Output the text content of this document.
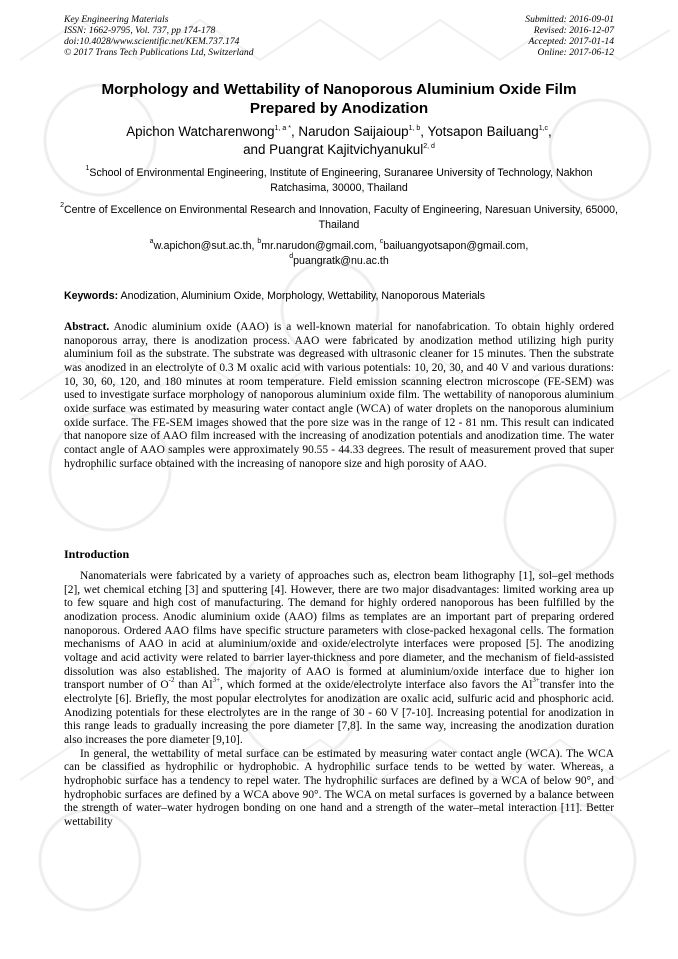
Key Engineering Materials
ISSN: 1662-9795, Vol. 737, pp 174-178
doi:10.4028/www.scientific.net/KEM.737.174
© 2017 Trans Tech Publications Ltd, Switzerland
Submitted: 2016-09-01
Revised: 2016-12-07
Accepted: 2017-01-14
Online: 2017-06-12
Morphology and Wettability of Nanoporous Aluminium Oxide Film Prepared by Anodization
Apichon Watcharenwong$^{1, a *}$, Narudon Saijaioup$^{1, b}$, Yotsapon Bailuang$^{1,c}$,
and Puangrat Kajitvichyanukul$^{2, d}$
$^1$School of Environmental Engineering, Institute of Engineering, Suranaree University of Technology, Nakhon Ratchasima, 30000, Thailand
$^2$Centre of Excellence on Environmental Research and Innovation, Faculty of Engineering, Naresuan University, 65000, Thailand
$^a$w.apichon@sut.ac.th, $^b$mr.narudon@gmail.com, $^c$bailuangyotsapon@gmail.com,
$^d$puangratk@nu.ac.th
Keywords: Anodization, Aluminium Oxide, Morphology, Wettability, Nanoporous Materials
Abstract. Anodic aluminium oxide (AAO) is a well-known material for nanofabrication. To obtain highly ordered nanoporous array, there is anodization process. AAO were fabricated by anodization method utilizing high purity aluminium foil as the substrate. The substrate was degreased with ultrasonic cleaner for 15 minutes. Then the substrate was anodized in an electrolyte of 0.3 M oxalic acid with various potentials: 10, 20, 30, and 40 V and various durations: 10, 30, 60, 120, and 180 minutes at room temperature. Field emission scanning electron microscope (FE-SEM) was used to investigate surface morphology of nanoporous aluminium oxide film. The wettability of nanoporous aluminium oxide surface was estimated by measuring water contact angle (WCA) of water droplets on the nanoporous aluminium oxide surface. The FE-SEM images showed that the pore size was in the range of 12 - 81 nm. This result can indicated that nanopore size of AAO film increased with the increasing of anodization potentials and anodization time. The water contact angle of AAO samples were approximately 90.55 - 44.33 degrees. The result of measurement proved that super hydrophilic surface obtained with the increasing of nanopore size and high porosity of AAO.
Introduction

Nanomaterials were fabricated by a variety of approaches such as, electron beam lithography [1], sol–gel methods [2], wet chemical etching [3] and sputtering [4]. However, there are two major disadvantages: limited working area up to few square and high cost of manufacturing. The demand for highly ordered nanoporous has been fulfilled by the anodization process. Anodic aluminium oxide (AAO) films as templates are an important part of preparing ordered nanoporous. Ordered AAO films have specific structure parameters with close-packed hexagonal cells. The formation mechanisms of AAO in acid at aluminium/oxide and oxide/electrolyte interfaces were proposed [5]. The anodizing voltage and acid activity were related to barrier layer-thickness and pore diameter, and the mechanism of field-assisted dissolution was also established. The majority of AAO is formed at aluminium/oxide interface due to higher ion transport number of $O^{-2}$ than $Al^{3+}$, which formed at the oxide/electrolyte interface also favors the $Al^{3+}transfer$ into the electrolyte [6]. Briefly, the most popular electrolytes for anodization are oxalic acid, sulfuric acid and phosphoric acid. Anodizing potentials for these electrolytes are in the range of 30 - 60 V [7-10]. Increasing potential for anodization in this range leads to gradually increasing the pore diameter [7,8]. In the same way, increasing the anodization duration also increases the pore diameter [9,10].

In general, the wettability of metal surface can be estimated by measuring water contact angle (WCA). The WCA can be classified as hydrophilic or hydrophobic. A hydrophilic surface tends to be wetted by water. Whereas, a hydrophobic surface has a tendency to repel water. The hydrophilic surfaces are defined by a WCA of below 90°, and hydrophobic surfaces are defined by a WCA above 90°. The WCA on metal surfaces is governed by a balance between the strength of water–water hydrogen bonding on one hand and a strength of the water–metal interaction [11]. Better wettability
